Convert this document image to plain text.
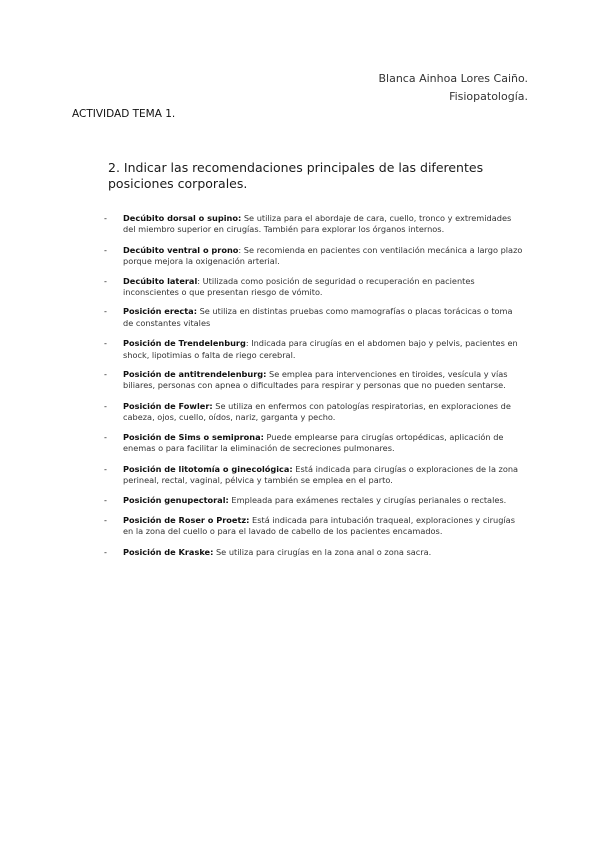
Blanca Ainhoa Lores Caiño.
Fisiopatología.
ACTIVIDAD TEMA 1.
2. Indicar las recomendaciones principales de las diferentes posiciones corporales.
- Decúbito dorsal o supino: Se utiliza para el abordaje de cara, cuello, tronco y extremidades del miembro superior en cirugías. También para explorar los órganos internos.
- Decúbito ventral o prono: Se recomienda en pacientes con ventilación mecánica a largo plazo porque mejora la oxigenación arterial.
- Decúbito lateral: Utilizada como posición de seguridad o recuperación en pacientes inconscientes o que presentan riesgo de vómito.
- Posición erecta: Se utiliza en distintas pruebas como mamografías o placas torácicas o toma de constantes vitales
- Posición de Trendelenburg: Indicada para cirugías en el abdomen bajo y pelvis, pacientes en shock, lipotimias o falta de riego cerebral.
- Posición de antitrendelenburg: Se emplea para intervenciones en tiroides, vesícula y vías biliares, personas con apnea o dificultades para respirar y personas que no pueden sentarse.
- Posición de Fowler: Se utiliza en enfermos con patologías respiratorias, en exploraciones de cabeza, ojos, cuello, oídos, nariz, garganta y pecho.
- Posición de Sims o semiprona: Puede emplearse para cirugías ortopédicas, aplicación de enemas o para facilitar la eliminación de secreciones pulmonares.
- Posición de litotomía o ginecológica: Está indicada para cirugías o exploraciones de la zona perineal, rectal, vaginal, pélvica y también se emplea en el parto.
- Posición genupectoral: Empleada para exámenes rectales y cirugías perianales o rectales.
- Posición de Roser o Proetz: Está indicada para intubación traqueal, exploraciones y cirugías en la zona del cuello o para el lavado de cabello de los pacientes encamados.
- Posición de Kraske: Se utiliza para cirugías en la zona anal o zona sacra.
